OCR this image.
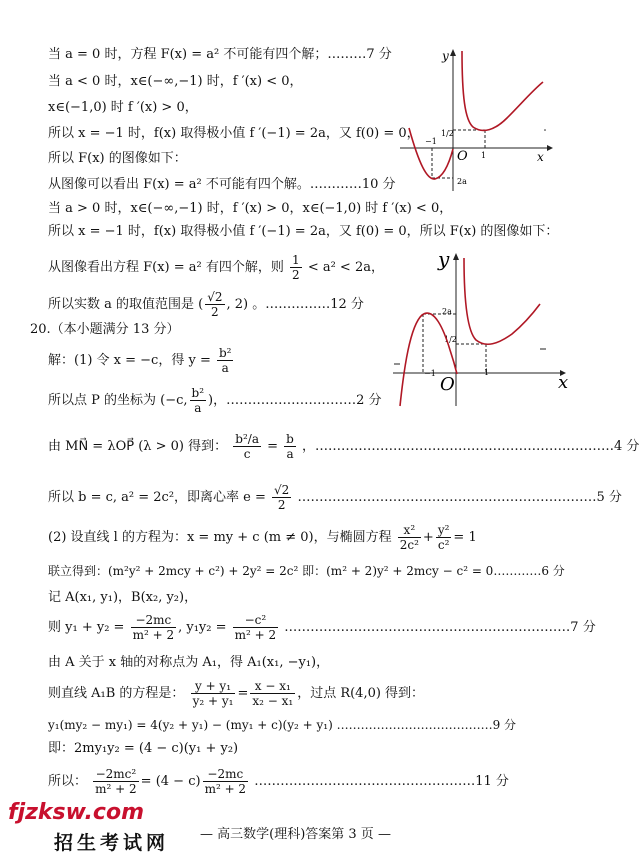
当 a = 0 时，方程 F(x) = a² 不可能有四个解；………7 分
当 a < 0 时，x∈(−∞,−1) 时，f ′(x) < 0，
x∈(−1,0) 时 f ′(x) > 0，
所以 x = −1 时，f(x) 取得极小值 f ′(−1) = 2a，又 f(0) = 0，
所以 F(x) 的图像如下：
从图像可以看出 F(x) = a² 不可能有四个解。…………10 分
当 a > 0 时，x∈(−∞,−1) 时，f ′(x) > 0，x∈(−1,0) 时 f ′(x) < 0，
所以 x = −1 时，f(x) 取得极小值 f ′(−1) = 2a，又 f(0) = 0，所以 F(x) 的图像如下：
从图像看出方程 F(x) = a² 有四个解，则 $\frac{1}{2} < a^2 < 2a$，
所以实数 a 的取值范围是 ( $\frac{√2}{2}$ , 2) 。……………12 分
20.（本小题满分 13 分）
解：(1) 令 x = −c，得 $y = \frac{\text{b²}}{a}$
所以点 P 的坐标为 (−c, $\frac{\text{b²}}{a}$ )，…………………………2 分
由 MN⃗ = λOP⃗ (λ > 0) 得到： $\frac{\text{b²/a}}{c} = \frac{b}{a}$ ，……………………………………………………………4 分
所以 b = c, a² = 2c²，即离心率 $e = \frac{√2}{2}$ ……………………………………………………………5 分
(2) 设直线 l 的方程为：x = my + c (m ≠ 0)，与椭圆方程 $\frac{\text{x²}}{\text{2c²}} + \frac{\text{y²}}{\text{c²}} = 1$
联立得到：(m²y² + 2mcy + c²) + 2y² = 2c² 即：(m² + 2)y² + 2mcy − c² = 0…………6 分
记 A(x₁, y₁)，B(x₂, y₂)，
则 $y_1 + y_2 = \frac{-2mc}{\text{m² + 2}}$ , $y_1y_2 = \frac{\text{−c²}}{\text{m² + 2}}$ …………………………………………………………7 分
由 A 关于 x 轴的对称点为 A₁，得 A₁(x₁, −y₁)，
则直线 A₁B 的方程是： $\frac{\text{y + y₁}}{\text{y₂ + y₁}} = \frac{\text{x − x₁}}{\text{x₂ − x₁}}$ ，过点 R(4,0) 得到：
y₁(my₂ − my₁) = 4(y₂ + y₁) − (my₁ + c)(y₂ + y₁) …………………………………9 分
即：2my₁y₂ = (4 − c)(y₁ + y₂)
所以： $\frac{\text{−2mc²}}{\text{m² + 2}} = (4 - c) \frac{-2mc}{\text{m² + 2}}$ ……………………………………………11 分
y
x
O
1/2
−1
1
2a
y
x
O
2a
1/2
−1	1
fjzksw.com
招生考试网 — 高三数学(理科)答案第 3 页 —
